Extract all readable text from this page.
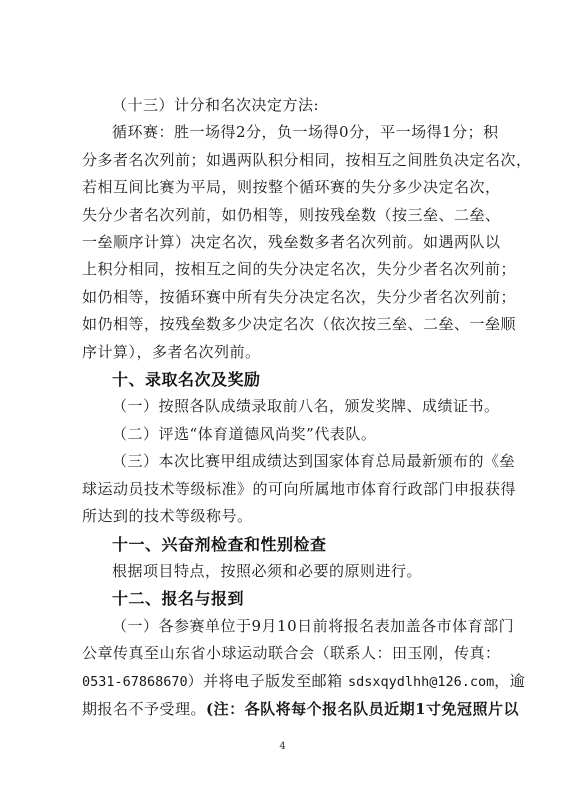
（十三）计分和名次决定方法:
循环赛：胜一场得2分，负一场得0分，平一场得1分；积
分多者名次列前；如遇两队积分相同，按相互之间胜负决定名次，
若相互间比赛为平局，则按整个循环赛的失分多少决定名次，
失分少者名次列前，如仍相等，则按残垒数（按三垒、二垒、
一垒顺序计算）决定名次，残垒数多者名次列前。如遇两队以
上积分相同，按相互之间的失分决定名次，失分少者名次列前；
如仍相等，按循环赛中所有失分决定名次，失分少者名次列前；
如仍相等，按残垒数多少决定名次（依次按三垒、二垒、一垒顺
序计算），多者名次列前。
十、录取名次及奖励
（一）按照各队成绩录取前八名，颁发奖牌、成绩证书。
（二）评选“体育道德风尚奖”代表队。
（三）本次比赛甲组成绩达到国家体育总局最新颁布的《垒
球运动员技术等级标准》的可向所属地市体育行政部门申报获得
所达到的技术等级称号。
十一、兴奋剂检查和性别检查
根据项目特点，按照必须和必要的原则进行。
十二、报名与报到
（一）各参赛单位于9月10日前将报名表加盖各市体育部门
公章传真至山东省小球运动联合会（联系人：田玉刚，传真：
0531-67868670）并将电子版发至邮箱 sdsxqydlhh@126.com，逾
期报名不予受理。(注：各队将每个报名队员近期1寸免冠照片以
4
